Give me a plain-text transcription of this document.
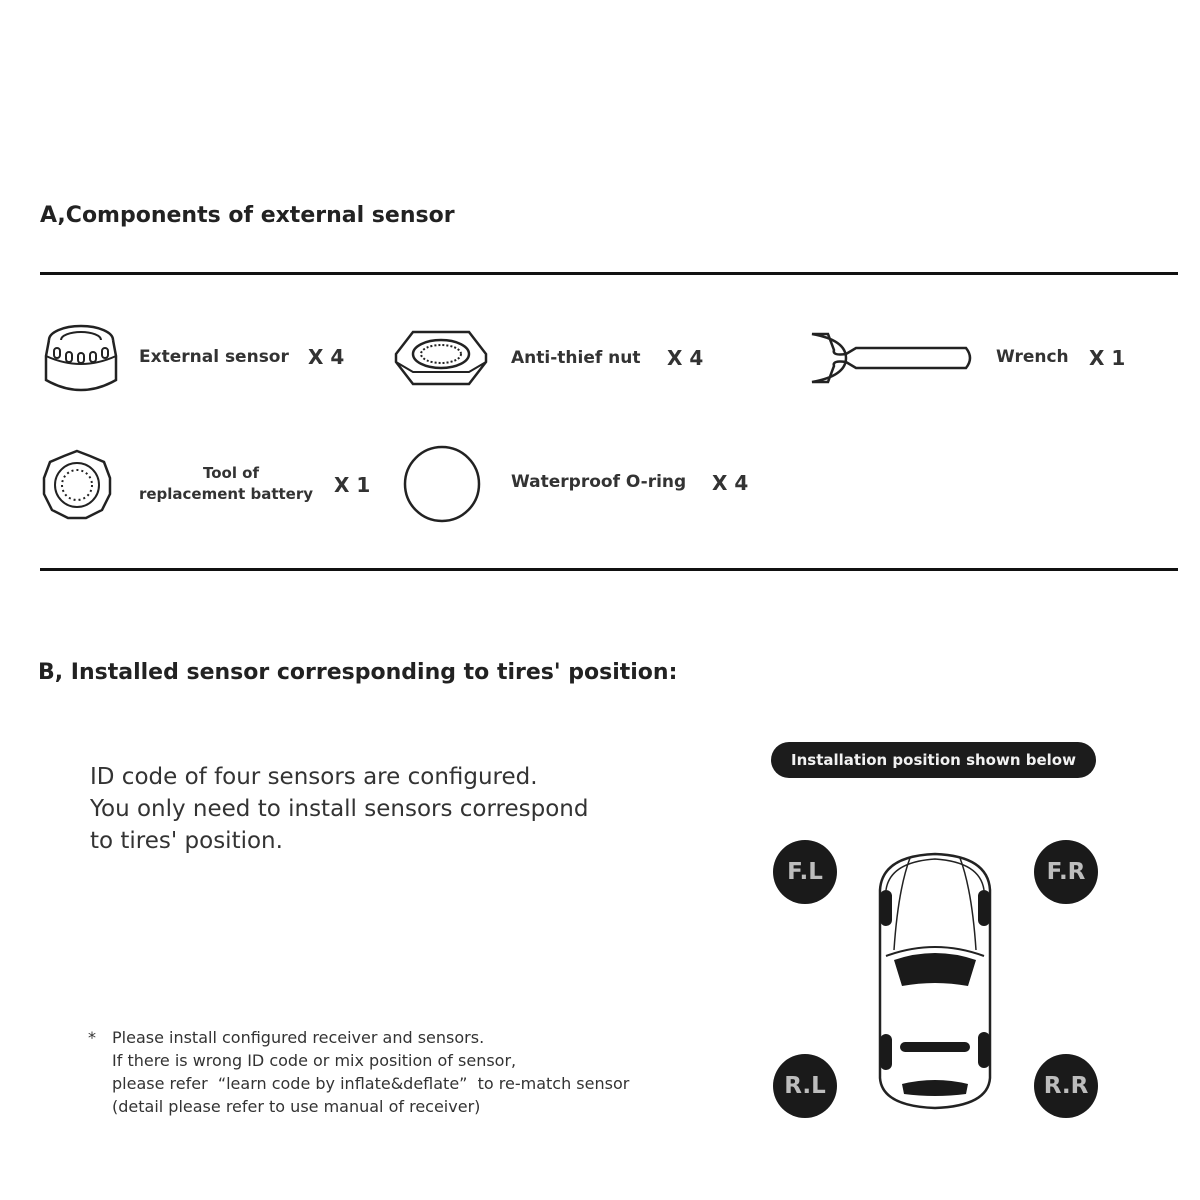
A,Components of external sensor
External sensor X 4	Anti-thief nut X 4	Wrench X 1
Tool of
replacement battery	X 1	Waterproof O-ring X 4
B, Installed sensor corresponding to tires' position:
ID code of four sensors are configured.
You only need to install sensors correspond
to tires' position.
* Please install configured receiver and sensors.
If there is wrong ID code or mix position of sensor,
please refer  “learn code by inflate&deflate”  to re-match sensor
(detail please refer to use manual of receiver)
Installation position shown below
F.L	F.R
R.L	R.R
